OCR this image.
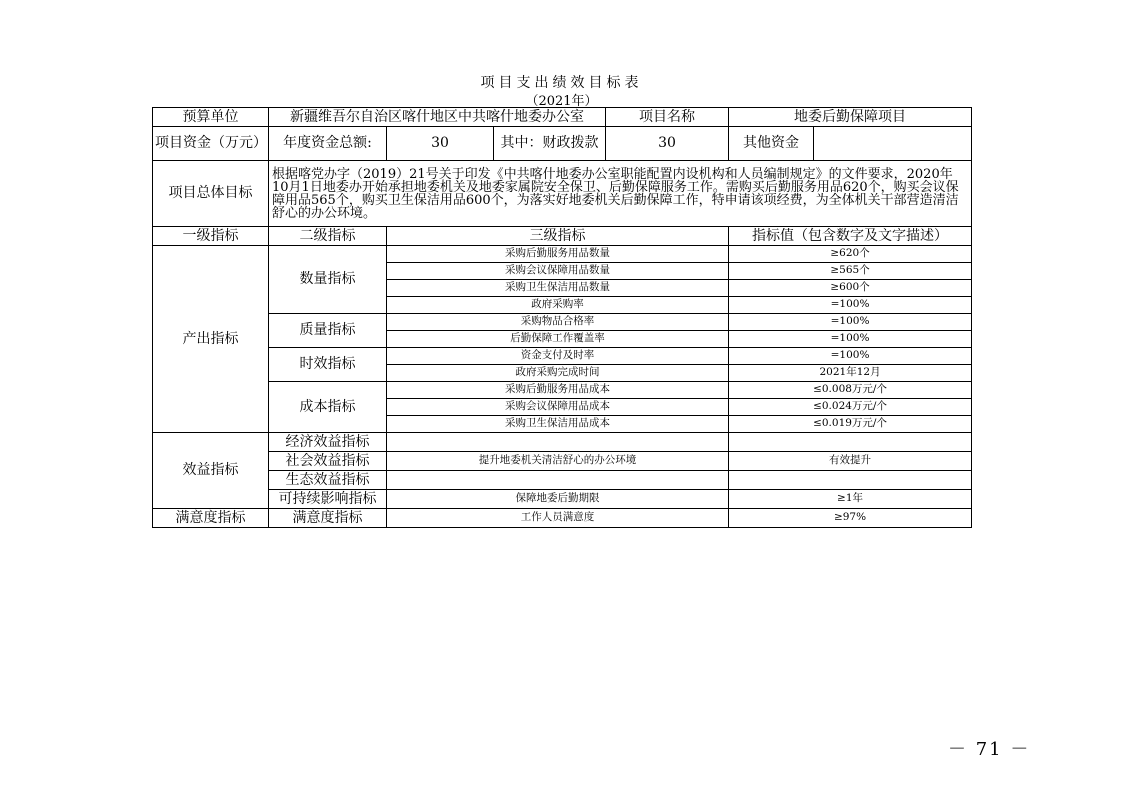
项目支出绩效目标表
（2021年）
预算单位	新疆维吾尔自治区喀什地区中共喀什地委办公室			项目名称	地委后勤保障项目	
项目资金（万元）	年度资金总额:	30	其中：财政拨款	30	其他资金	
项目总体目标	根据喀党办字（2019）21号关于印发《中共喀什地委办公室职能配置内设机构和人员编制规定》的文件要求，2020年10月1日地委办开始承担地委机关及地委家属院安全保卫、后勤保障服务工作。需购买后勤服务用品620个，购买会议保障用品565个，购买卫生保洁用品600个，为落实好地委机关后勤保障工作，特申请该项经费，为全体机关干部营造清洁舒心的办公环境。					
一级指标	二级指标	三级指标			指标值（包含数字及文字描述）	
产出指标	数量指标	采购后勤服务用品数量			≥620个	
		采购会议保障用品数量			≥565个	
		采购卫生保洁用品数量			≥600个	
		政府采购率			=100%	
	质量指标	采购物品合格率			=100%	
		后勤保障工作覆盖率			=100%	
	时效指标	资金支付及时率			=100%	
		政府采购完成时间			2021年12月	
	成本指标	采购后勤服务用品成本			≤0.008万元/个	
		采购会议保障用品成本			≤0.024万元/个	
		采购卫生保洁用品成本			≤0.019万元/个	
效益指标	经济效益指标					
	社会效益指标	提升地委机关清洁舒心的办公环境			有效提升	
	生态效益指标					
	可持续影响指标	保障地委后勤期限			≥1年	
满意度指标	满意度指标	工作人员满意度			≥97%	
－ 71 －
